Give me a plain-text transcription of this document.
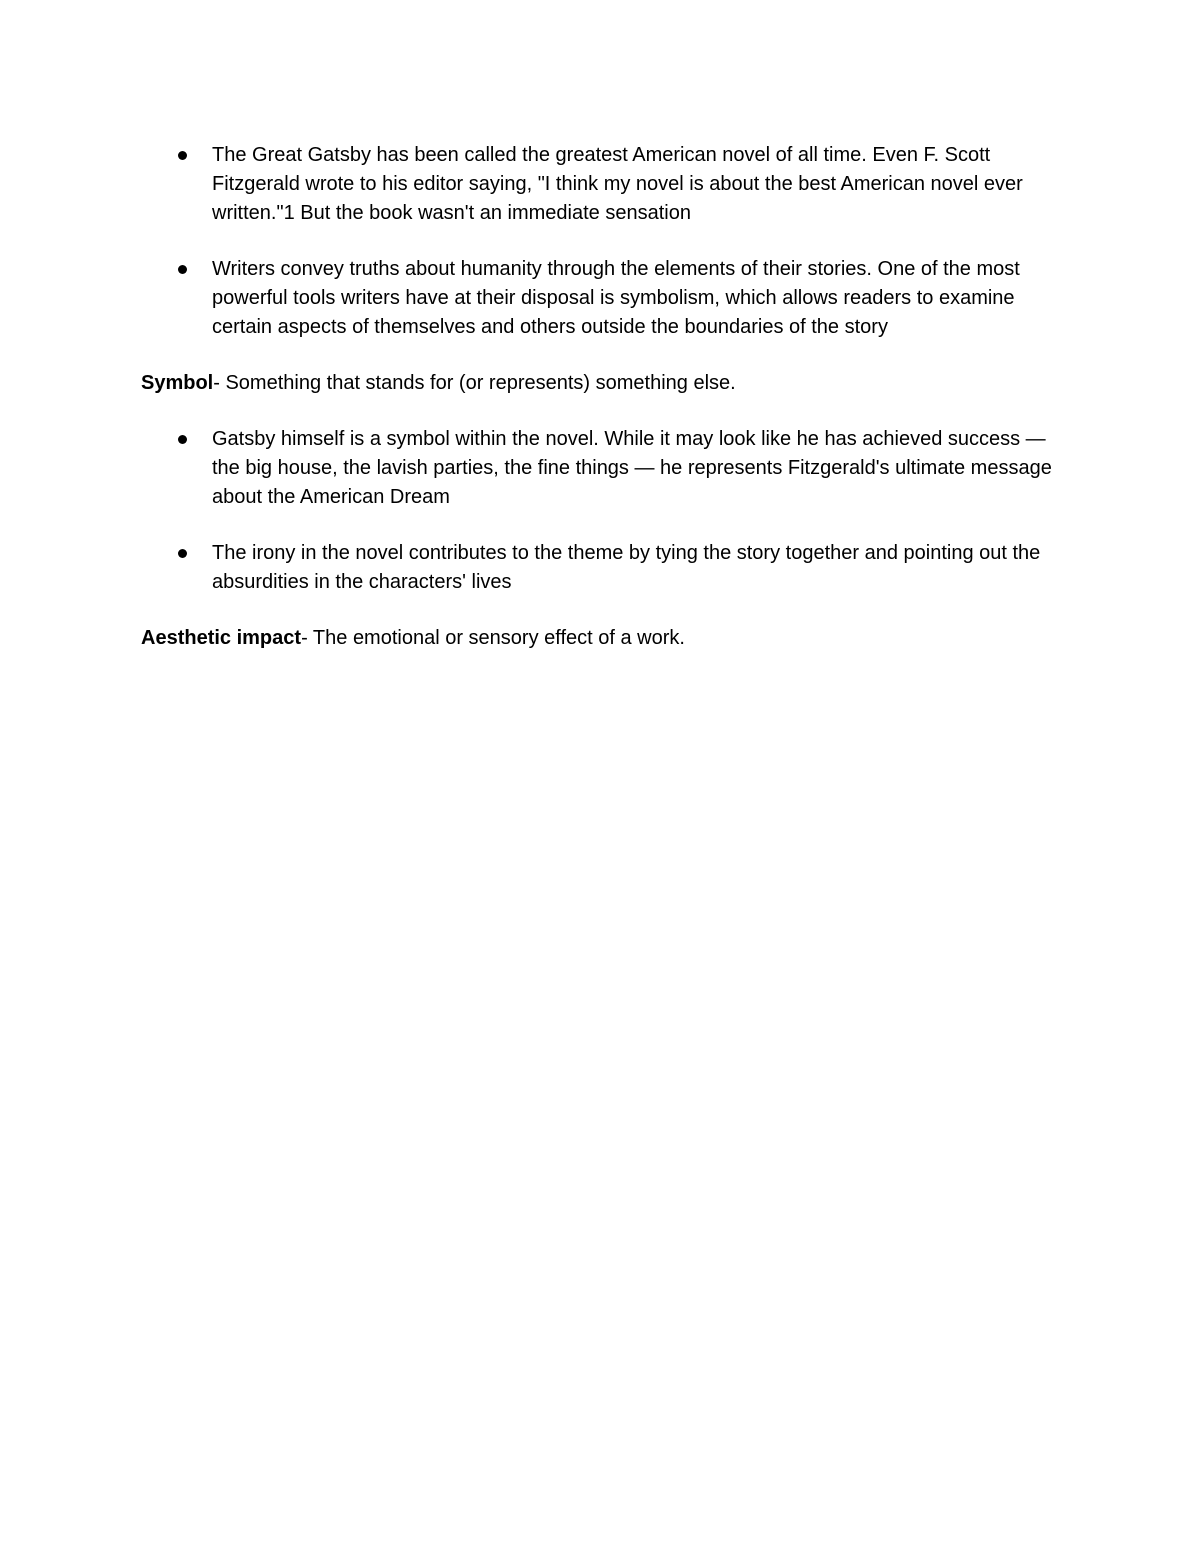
The Great Gatsby has been called the greatest American novel of all time. Even F. Scott Fitzgerald wrote to his editor saying, "I think my novel is about the best American novel ever written."1 But the book wasn't an immediate sensation
Writers convey truths about humanity through the elements of their stories. One of the most powerful tools writers have at their disposal is symbolism, which allows readers to examine certain aspects of themselves and others outside the boundaries of the story

Symbol- Something that stands for (or represents) something else.

Gatsby himself is a symbol within the novel. While it may look like he has achieved success — the big house, the lavish parties, the fine things — he represents Fitzgerald's ultimate message about the American Dream
The irony in the novel contributes to the theme by tying the story together and pointing out the absurdities in the characters' lives

Aesthetic impact- The emotional or sensory effect of a work.
